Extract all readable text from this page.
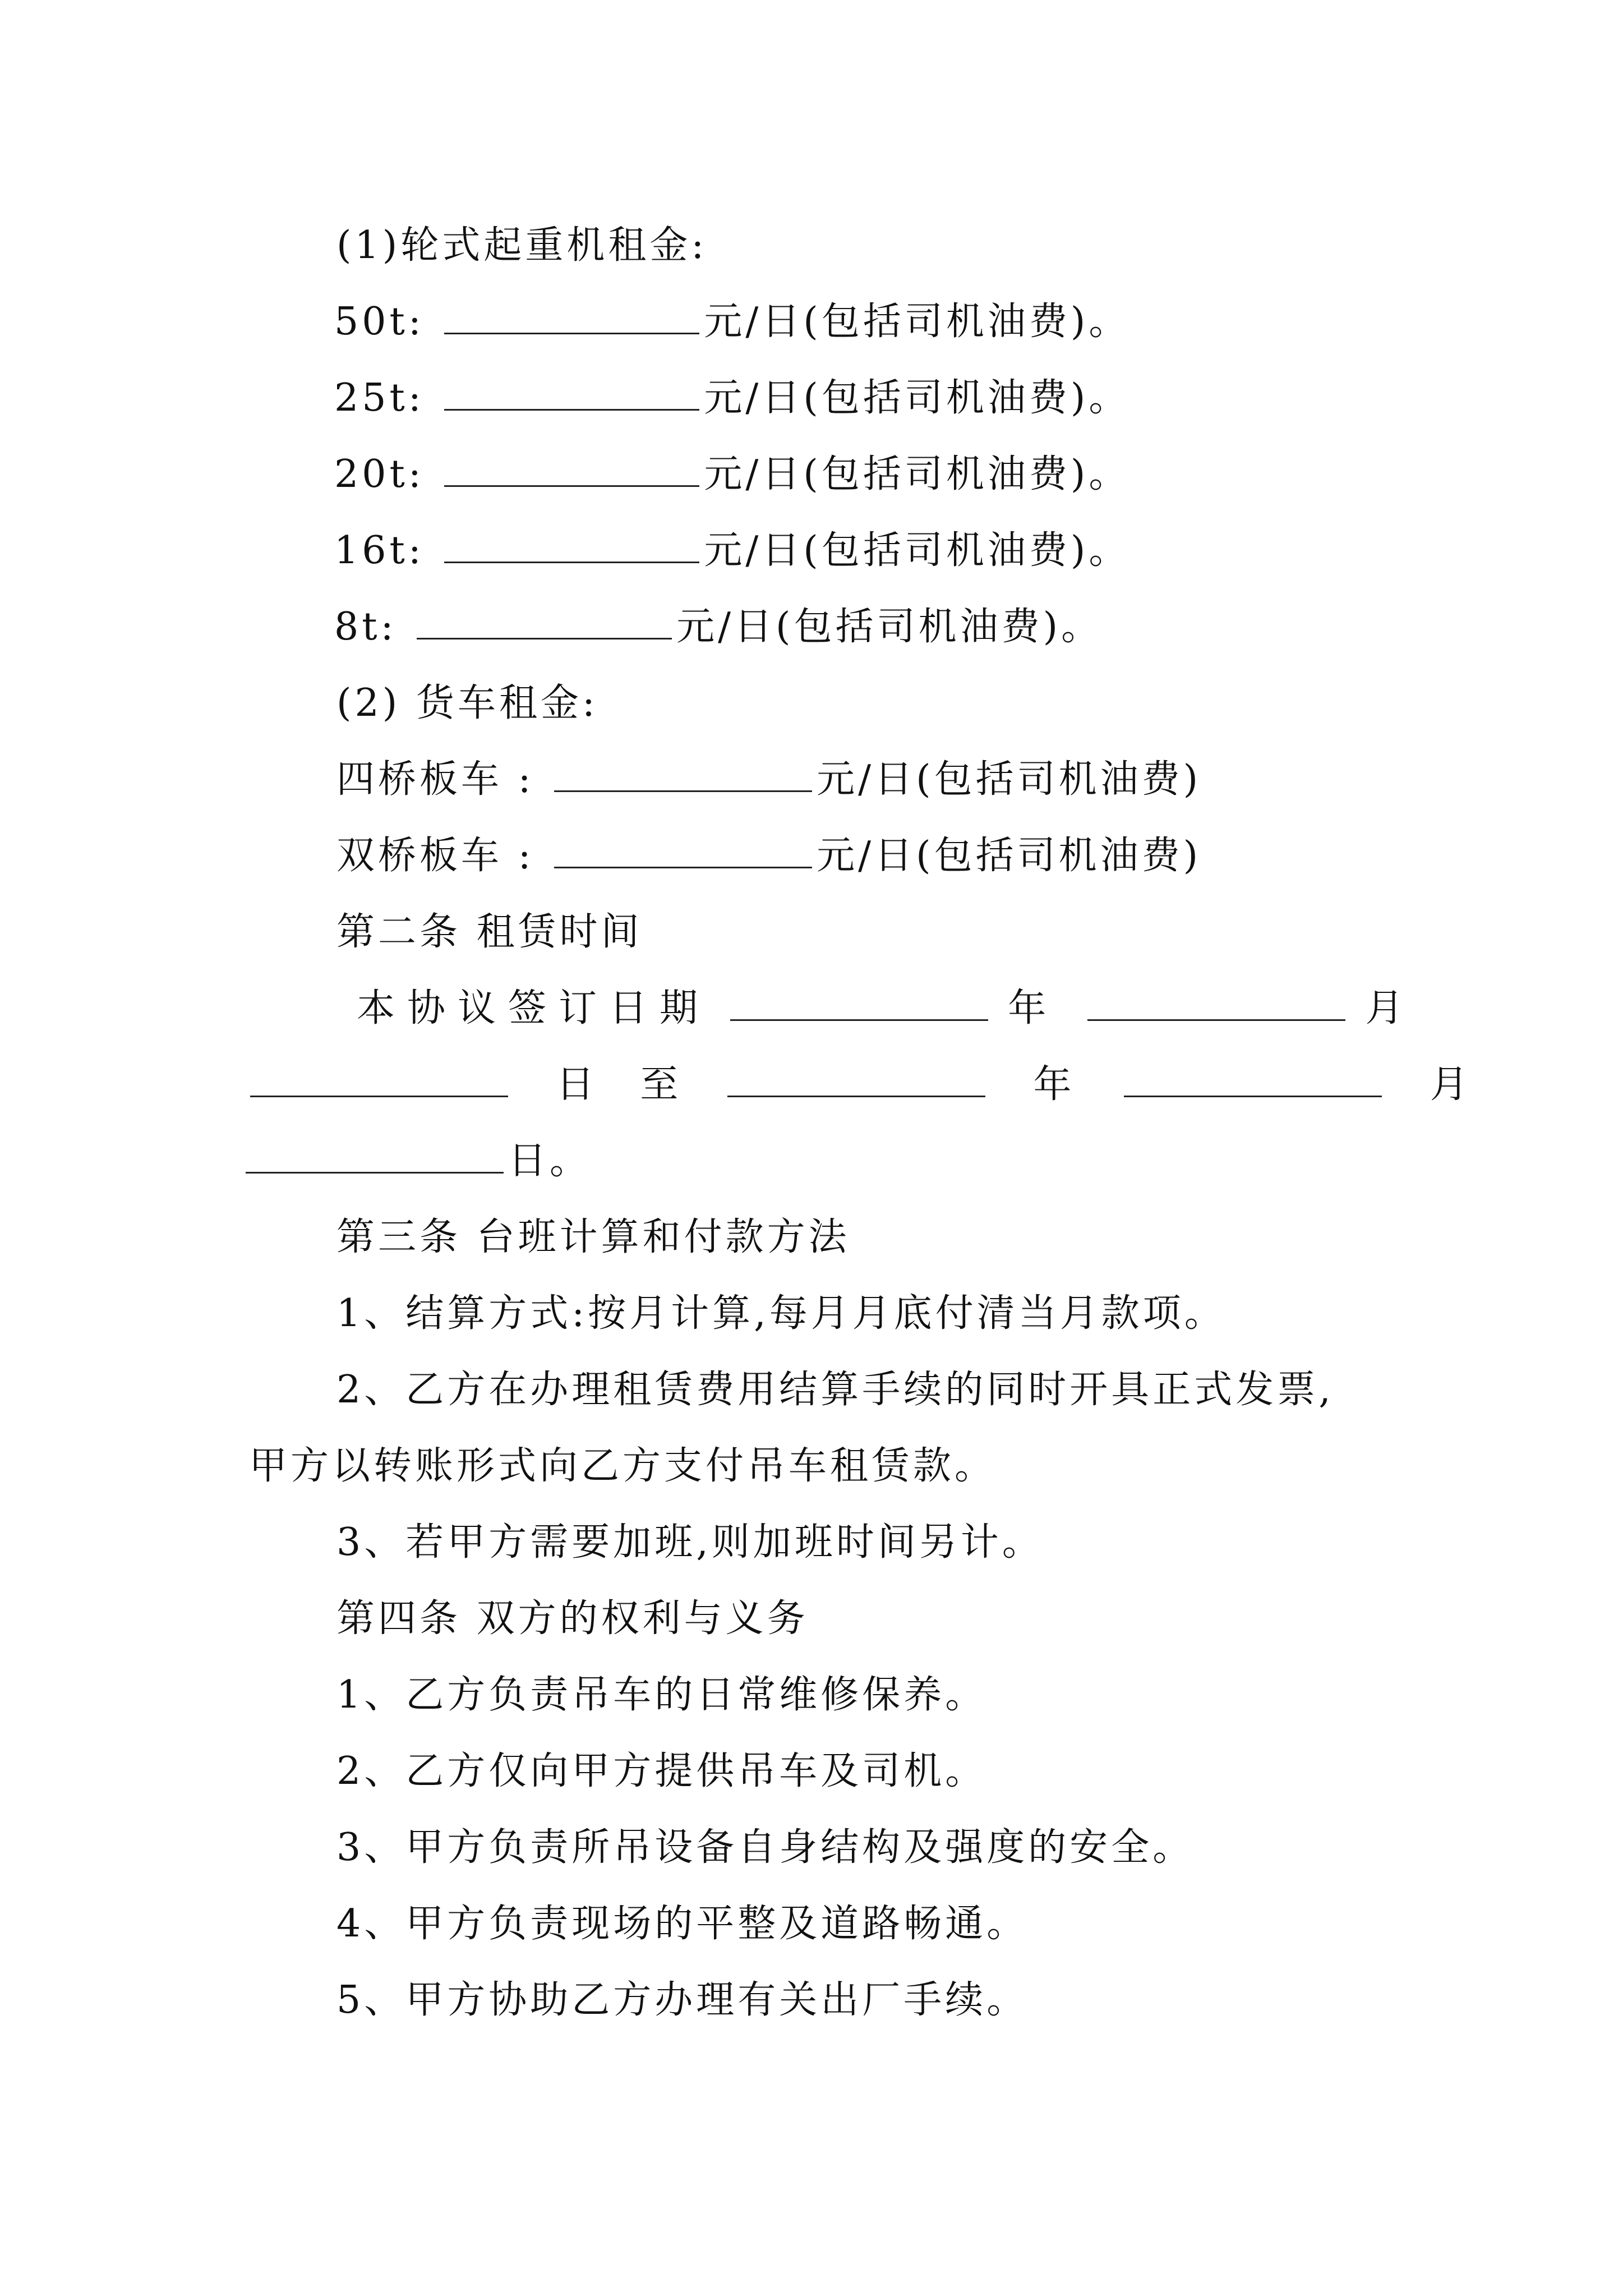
(1)轮式起重机租金:
50t:	元/日(包括司机油费)。
25t:	元/日(包括司机油费)。
20t:	元/日(包括司机油费)。
16t:	元/日(包括司机油费)。
8t:	元/日(包括司机油费)。
(2) 货车租金:
四桥板车 :	元/日(包括司机油费)
双桥板车 :	元/日(包括司机油费)
第二条 租赁时间
本协议签订日期	年	月
日 至	年	月
日。
第三条 台班计算和付款方法
1、结算方式:按月计算,每月月底付清当月款项。
2、乙方在办理租赁费用结算手续的同时开具正式发票,
甲方以转账形式向乙方支付吊车租赁款。
3、若甲方需要加班,则加班时间另计。
第四条 双方的权利与义务
1、乙方负责吊车的日常维修保养。
2、乙方仅向甲方提供吊车及司机。
3、甲方负责所吊设备自身结构及强度的安全。
4、甲方负责现场的平整及道路畅通。
5、甲方协助乙方办理有关出厂手续。
